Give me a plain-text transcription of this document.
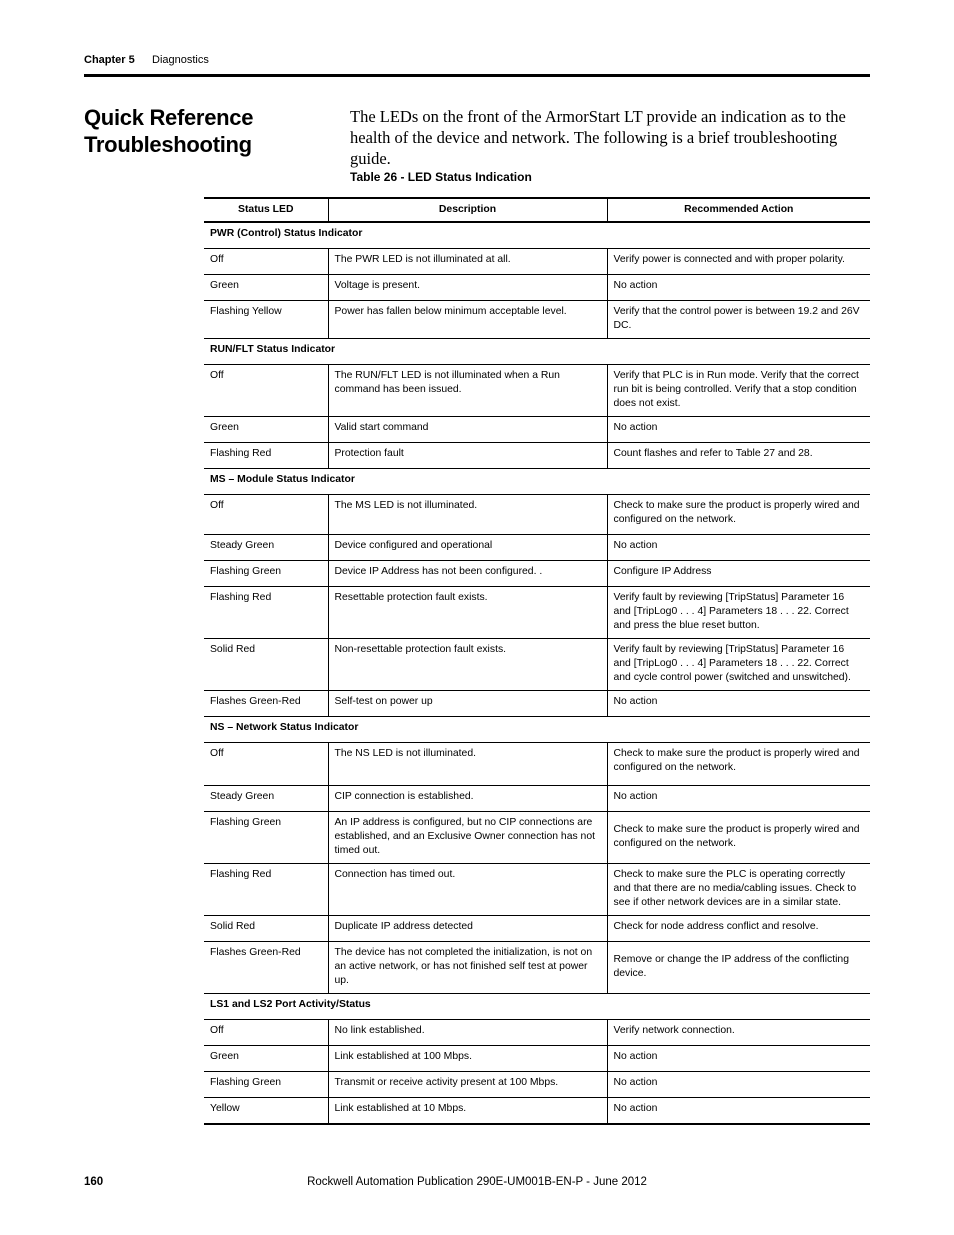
Chapter 5 Diagnostics
Quick Reference Troubleshooting

The LEDs on the front of the ArmorStart LT provide an indication as to the health of the device and network. The following is a brief troubleshooting guide.

Table 26 - LED Status Indication
Status LED	Description	Recommended Action
PWR (Control) Status Indicator		
Off	The PWR LED is not illuminated at all.	Verify power is connected and with proper polarity.
Green	Voltage is present.	No action
Flashing Yellow	Power has fallen below minimum acceptable level.	Verify that the control power is between 19.2 and 26V DC.
RUN/FLT Status Indicator		
Off	The RUN/FLT LED is not illuminated when a Run command has been issued.	Verify that PLC is in Run mode. Verify that the correct run bit is being controlled. Verify that a stop condition does not exist.
Green	Valid start command	No action
Flashing Red	Protection fault	Count flashes and refer to Table 27 and 28.
MS – Module Status Indicator		
Off	The MS LED is not illuminated.	Check to make sure the product is properly wired and configured on the network.
Steady Green	Device configured and operational	No action
Flashing Green	Device IP Address has not been configured. .	Configure IP Address
Flashing Red	Resettable protection fault exists.	Verify fault by reviewing [TripStatus] Parameter 16 and [TripLog0 . . . 4] Parameters 18 . . . 22. Correct and press the blue reset button.
Solid Red	Non-resettable protection fault exists.	Verify fault by reviewing [TripStatus] Parameter 16 and [TripLog0 . . . 4] Parameters 18 . . . 22. Correct and cycle control power (switched and unswitched).
Flashes Green-Red	Self-test on power up	No action
NS – Network Status Indicator		
Off	The NS LED is not illuminated.	Check to make sure the product is properly wired and configured on the network.
Steady Green	CIP connection is established.	No action
Flashing Green	An IP address is configured, but no CIP connections are established, and an Exclusive Owner connection has not timed out.	Check to make sure the product is properly wired and configured on the network.
Flashing Red	Connection has timed out.	Check to make sure the PLC is operating correctly and that there are no media/cabling issues. Check to see if other network devices are in a similar state.
Solid Red	Duplicate IP address detected	Check for node address conflict and resolve.
Flashes Green-Red	The device has not completed the initialization, is not on an active network, or has not finished self test at power up.	Remove or change the IP address of the conflicting device.
LS1 and LS2 Port Activity/Status		
Off	No link established.	Verify network connection.
Green	Link established at 100 Mbps.	No action
Flashing Green	Transmit or receive activity present at 100 Mbps.	No action
Yellow	Link established at 10 Mbps.	No action
160	Rockwell Automation Publication 290E-UM001B-EN-P - June 2012
